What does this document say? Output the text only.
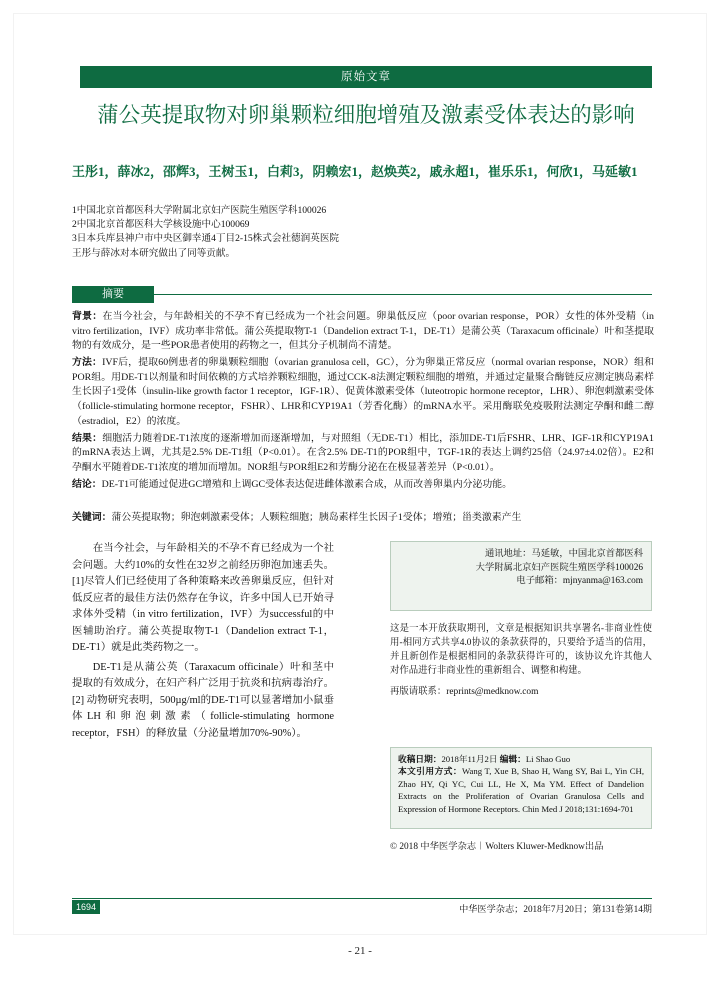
原始文章
蒲公英提取物对卵巢颗粒细胞增殖及激素受体表达的影响
王彤1，薛冰2，邵辉3，王树玉1，白莉3，阴赖宏1，赵焕英2，戚永超1，崔乐乐1，何欣1，马延敏1
1中国北京首都医科大学附属北京妇产医院生殖医学科100026
2中国北京首都医科大学核设施中心100069
3日本兵库县神户市中央区御幸通4丁目2-15株式会社德润英医院
王彤与薛冰对本研究做出了同等贡献。
摘要

背景：在当今社会，与年龄相关的不孕不育已经成为一个社会问题。卵巢低反应（poor ovarian response，POR）女性的体外受精（in vitro fertilization，IVF）成功率非常低。蒲公英提取物T-1（Dandelion extract T-1，DE-T1）是蒲公英（Taraxacum officinale）叶和茎提取物的有效成分，是一些POR患者使用的药物之一，但其分子机制尚不清楚。

方法：IVF后，提取60例患者的卵巢颗粒细胞（ovarian granulosa cell，GC），分为卵巢正常反应（normal ovarian response，NOR）组和POR组。用DE-T1以剂量和时间依赖的方式培养颗粒细胞，通过CCK-8法测定颗粒细胞的增殖，并通过定量聚合酶链反应测定胰岛素样生长因子1受体（insulin-like growth factor 1 receptor，IGF-1R）、促黄体激素受体（luteotropic hormone receptor，LHR）、卵泡刺激素受体（follicle-stimulating hormone receptor，FSHR）、LHR和CYP19A1（芳香化酶）的mRNA水平。采用酶联免疫吸附法测定孕酮和雌二醇（estradiol，E2）的浓度。

结果：细胞活力随着DE-T1浓度的逐渐增加而逐渐增加，与对照组（无DE-T1）相比，添加DE-T1后FSHR、LHR、IGF-1R和CYP19A1的mRNA表达上调，尤其是2.5% DE-T1组（P<0.01）。在含2.5% DE-T1的POR组中，TGF-1R的表达上调约25倍（24.97±4.02倍）。E2和孕酮水平随着DE-T1浓度的增加而增加。NOR组与POR组E2和芳酶分泌在在极显著差异（P<0.01）。

结论：DE-T1可能通过促进GC增殖和上调GC受体表达促进雌体激素合成，从而改善卵巢内分泌功能。

关键词：蒲公英提取物；卵泡刺激素受体；人颗粒细胞；胰岛素样生长因子1受体；增殖；甾类激素产生

在当今社会，与年龄相关的不孕不育已经成为一个社会问题。大约10%的女性在32岁之前经历卵泡加速丢失。[1]尽管人们已经使用了各种策略来改善卵巢反应，但针对低反应者的最佳方法仍然存在争议，许多中国人已开始寻求体外受精（in vitro fertilization，IVF）为successful的中医辅助治疗。蒲公英提取物T-1（Dandelion extract T-1，DE-T1）就是此类药物之一。

DE-T1是从蒲公英（Taraxacum officinale）叶和茎中提取的有效成分，在妇产科广泛用于抗炎和抗病毒治疗。[2] 动物研究表明，500µg/ml的DE-T1可以显著增加小鼠垂体LH和卵泡刺激素（follicle-stimulating hormone receptor，FSH）的释放量（分泌量增加70%-90%）。

通讯地址：马延敏，中国北京首都医科
大学附属北京妇产医院生殖医学科100026
电子邮箱：mjnyanma@163.com

这是一本开放获取期刊，文章是根据知识共享署名-非商业性使用-相同方式共享4.0协议的条款获得的，只要给予适当的信用，并且新创作是根据相同的条款获得许可的，该协议允许其他人对作品进行非商业性的重新组合、调整和构建。

再版请联系：reprints@medknow.com

收稿日期：2018年11月2日 编辑：Li Shao Guo
本文引用方式：Wang T, Xue B, Shao H, Wang SY, Bai L, Yin CH, Zhao HY, Qi YC, Cui LL, He X, Ma YM. Effect of Dandelion Extracts on the Proliferation of Ovarian Granulosa Cells and Expression of Hormone Receptors. Chin Med J 2018;131:1694-701
© 2018 中华医学杂志︱Wolters Kluwer-Medknow出品
1694	中华医学杂志；2018年7月20日；第131卷第14期
- 21 -
